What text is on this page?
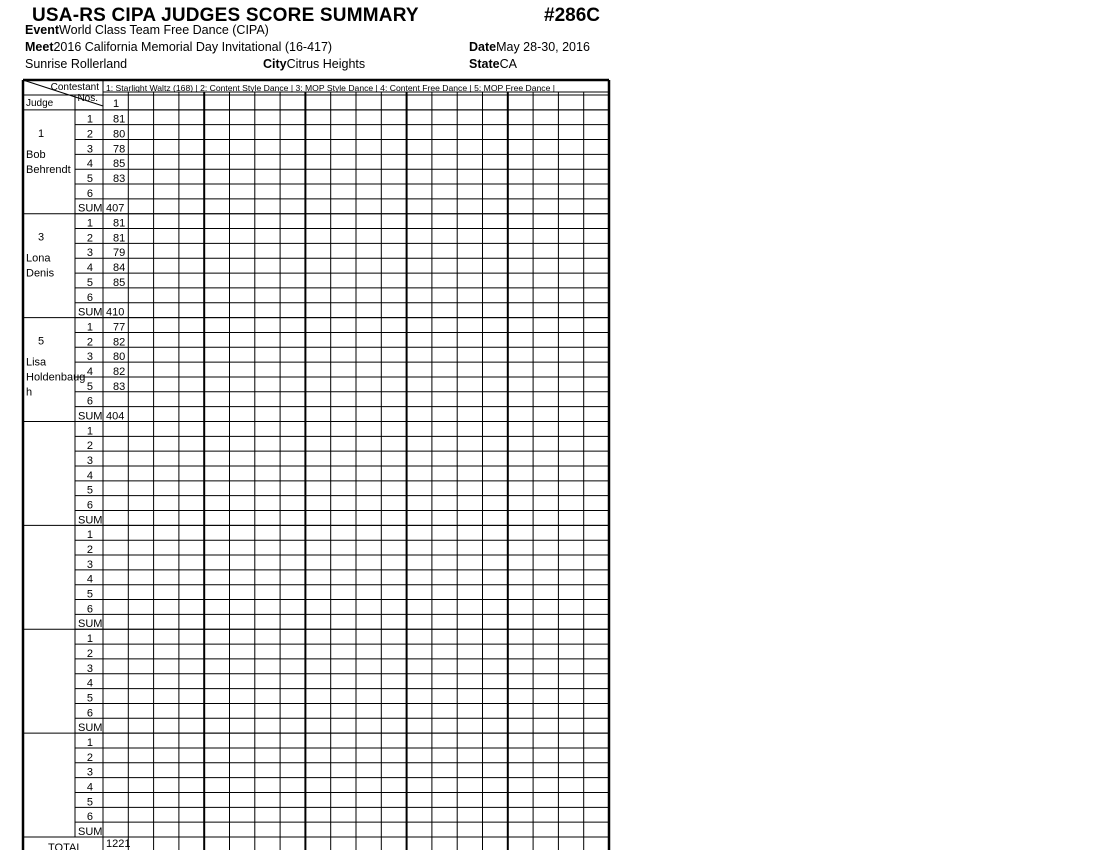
USA-RS CIPA JUDGES SCORE SUMMARY	#286C
EventWorld Class Team Free Dance (CIPA)
Meet2016 California Memorial Day Invitational (16-417)	DateMay 28-30, 2016
Sunrise Rollerland	CityCitrus Heights	StateCA
Contestant
Nos.
Judge
1: Starlight Waltz (168) | 2: Content Style Dance | 3: MOP Style Dance | 4: Content Free Dance | 5: MOP Free Dance |
1
1
Bob
Behrendt
1 81
2 80
3 78
4 85
5 83
6
SUM 407
3
Lona
Denis
1 81
2 81
3 79
4 84
5 85
6
SUM 410
5
Lisa
Holdenbaug
h
1 77
2 82
3 80
4 82
5 83
6
SUM 404
1
2
3
4
5
6
SUM
1
2
3
4
5
6
SUM
1
2
3
4
5
6
SUM
1
2
3
4
5
6
SUM
TOTAL 1221
